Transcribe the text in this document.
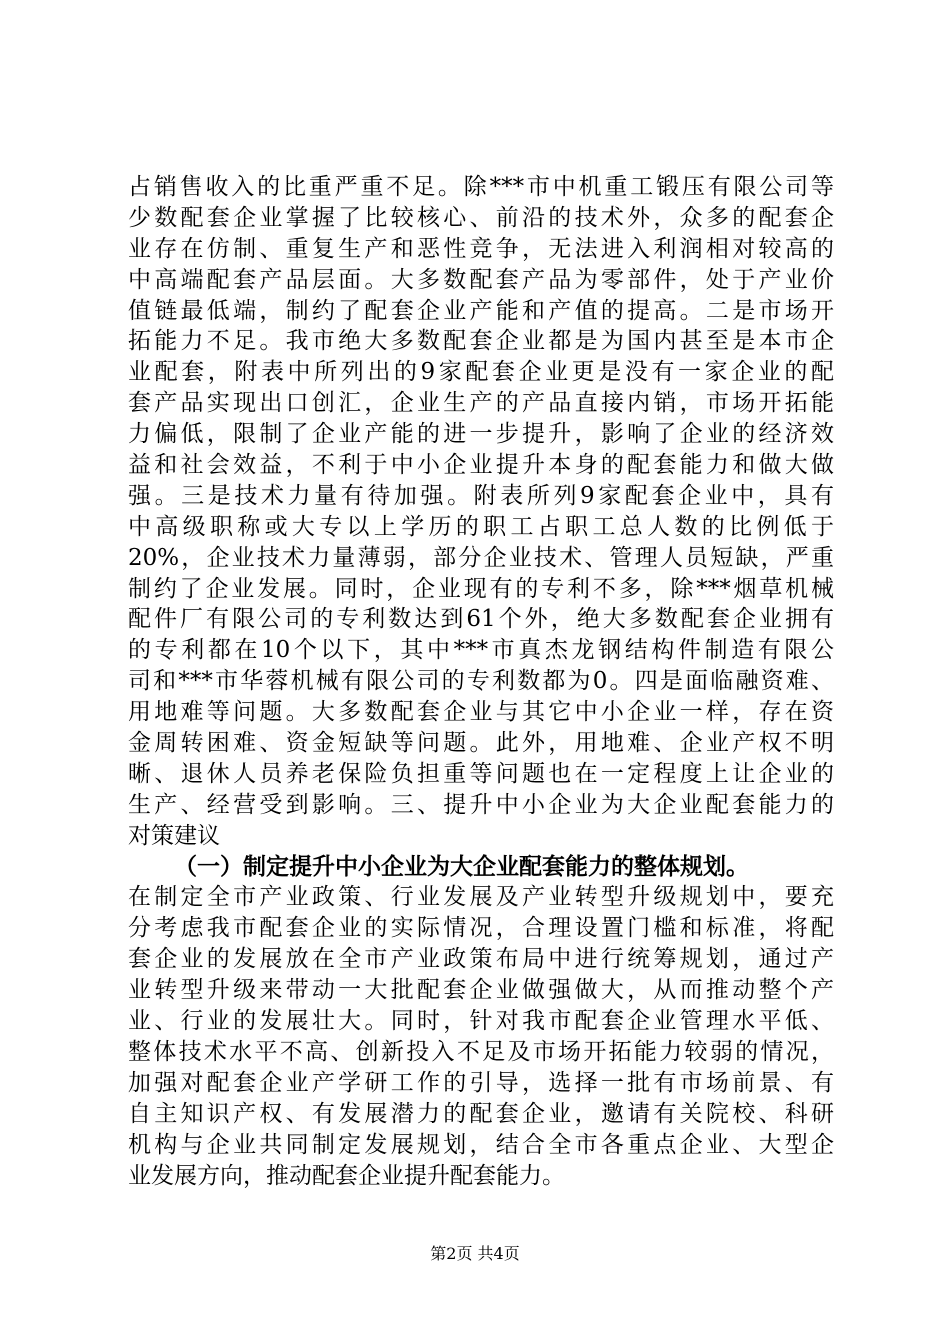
占销售收入的比重严重不足。除***市中机重工锻压有限公司等
少数配套企业掌握了比较核心、前沿的技术外，众多的配套企
业存在仿制、重复生产和恶性竞争，无法进入利润相对较高的
中高端配套产品层面。大多数配套产品为零部件，处于产业价
值链最低端，制约了配套企业产能和产值的提高。二是市场开
拓能力不足。我市绝大多数配套企业都是为国内甚至是本市企
业配套，附表中所列出的9家配套企业更是没有一家企业的配
套产品实现出口创汇，企业生产的产品直接内销，市场开拓能
力偏低，限制了企业产能的进一步提升，影响了企业的经济效
益和社会效益，不利于中小企业提升本身的配套能力和做大做
强。三是技术力量有待加强。附表所列9家配套企业中，具有
中高级职称或大专以上学历的职工占职工总人数的比例低于
20%，企业技术力量薄弱，部分企业技术、管理人员短缺，严重
制约了企业发展。同时，企业现有的专利不多，除***烟草机械
配件厂有限公司的专利数达到61个外，绝大多数配套企业拥有
的专利都在10个以下，其中***市真杰龙钢结构件制造有限公
司和***市华蓉机械有限公司的专利数都为0。四是面临融资难、
用地难等问题。大多数配套企业与其它中小企业一样，存在资
金周转困难、资金短缺等问题。此外，用地难、企业产权不明
晰、退休人员养老保险负担重等问题也在一定程度上让企业的
生产、经营受到影响。三、提升中小企业为大企业配套能力的
对策建议
（一）制定提升中小企业为大企业配套能力的整体规划。
在制定全市产业政策、行业发展及产业转型升级规划中，要充
分考虑我市配套企业的实际情况，合理设置门槛和标准，将配
套企业的发展放在全市产业政策布局中进行统筹规划，通过产
业转型升级来带动一大批配套企业做强做大，从而推动整个产
业、行业的发展壮大。同时，针对我市配套企业管理水平低、
整体技术水平不高、创新投入不足及市场开拓能力较弱的情况，
加强对配套企业产学研工作的引导，选择一批有市场前景、有
自主知识产权、有发展潜力的配套企业，邀请有关院校、科研
机构与企业共同制定发展规划，结合全市各重点企业、大型企
业发展方向，推动配套企业提升配套能力。
第2页 共4页
